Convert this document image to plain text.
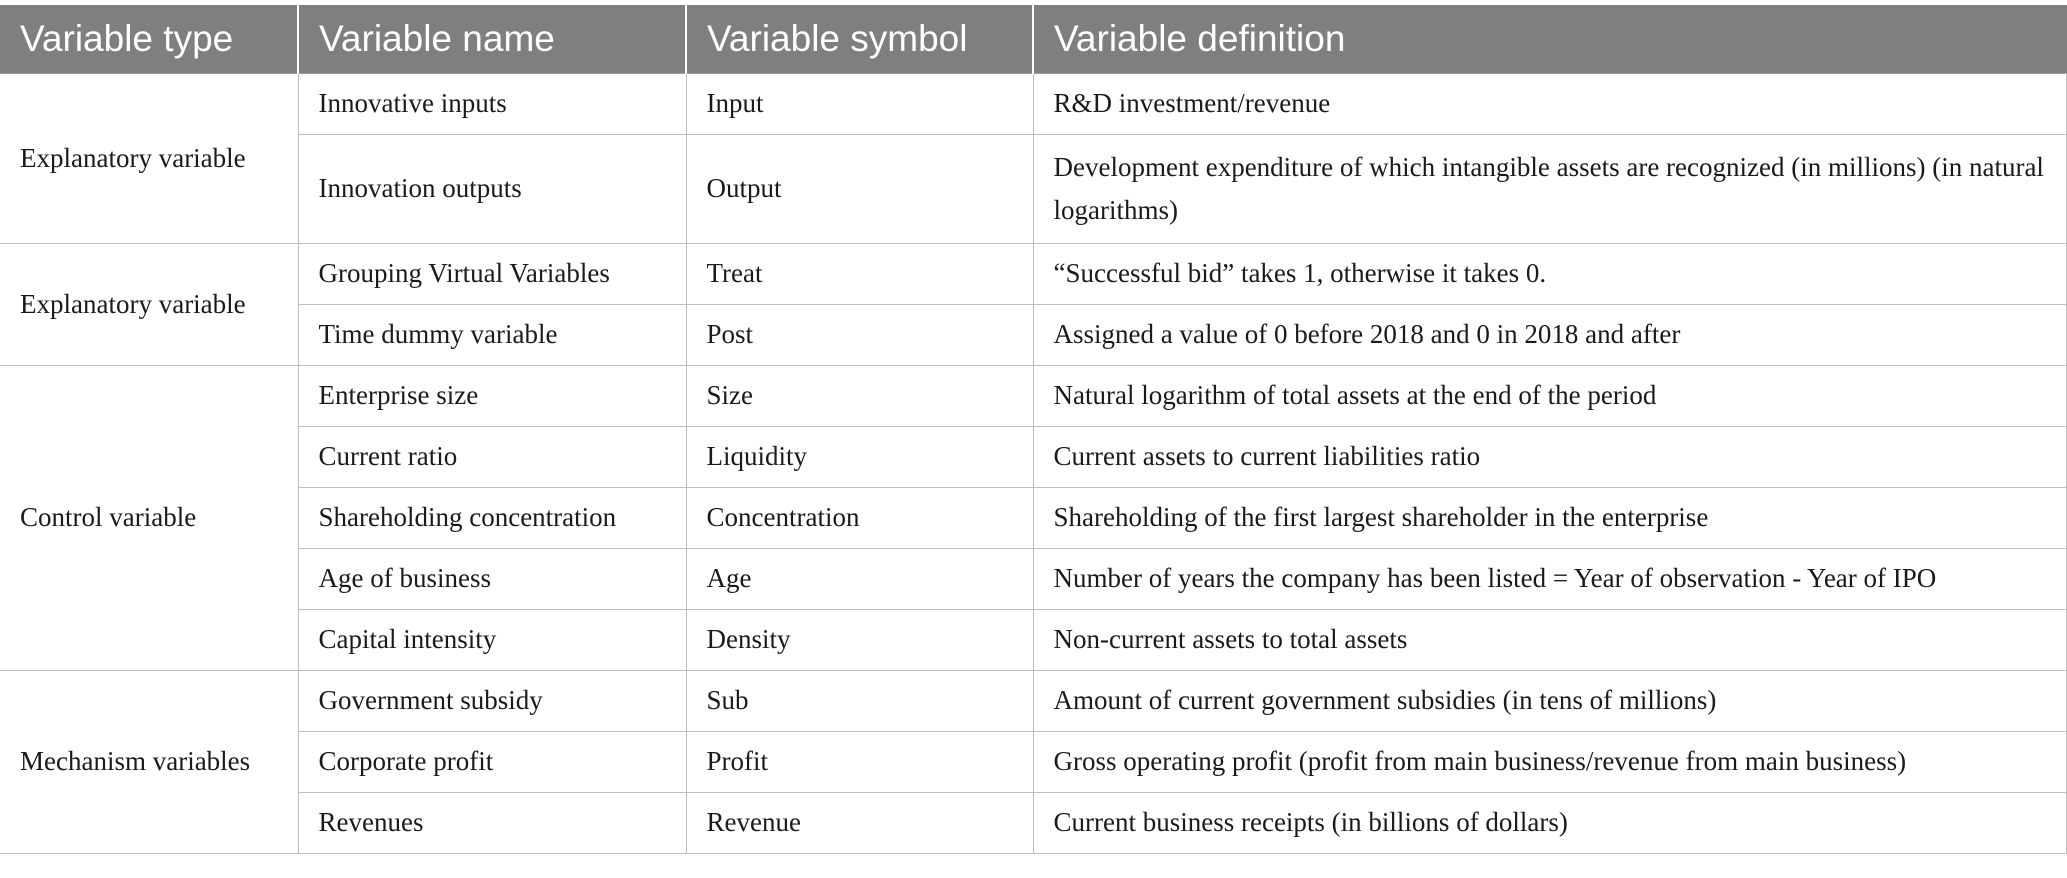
Variable type	Variable name	Variable symbol	Variable definition
Explanatory variable	Innovative inputs	Input	R&D investment/revenue
	Innovation outputs	Output	Development expenditure of which intangible assets are recognized (in millions) (in natural logarithms)
Explanatory variable	Grouping Virtual Variables	Treat	“Successful bid” takes 1, otherwise it takes 0.
	Time dummy variable	Post	Assigned a value of 0 before 2018 and 0 in 2018 and after
Control variable	Enterprise size	Size	Natural logarithm of total assets at the end of the period
	Current ratio	Liquidity	Current assets to current liabilities ratio
	Shareholding concentration	Concentration	Shareholding of the first largest shareholder in the enterprise
	Age of business	Age	Number of years the company has been listed = Year of observation - Year of IPO
	Capital intensity	Density	Non-current assets to total assets
Mechanism variables	Government subsidy	Sub	Amount of current government subsidies (in tens of millions)
	Corporate profit	Profit	Gross operating profit (profit from main business/revenue from main business)
	Revenues	Revenue	Current business receipts (in billions of dollars)
